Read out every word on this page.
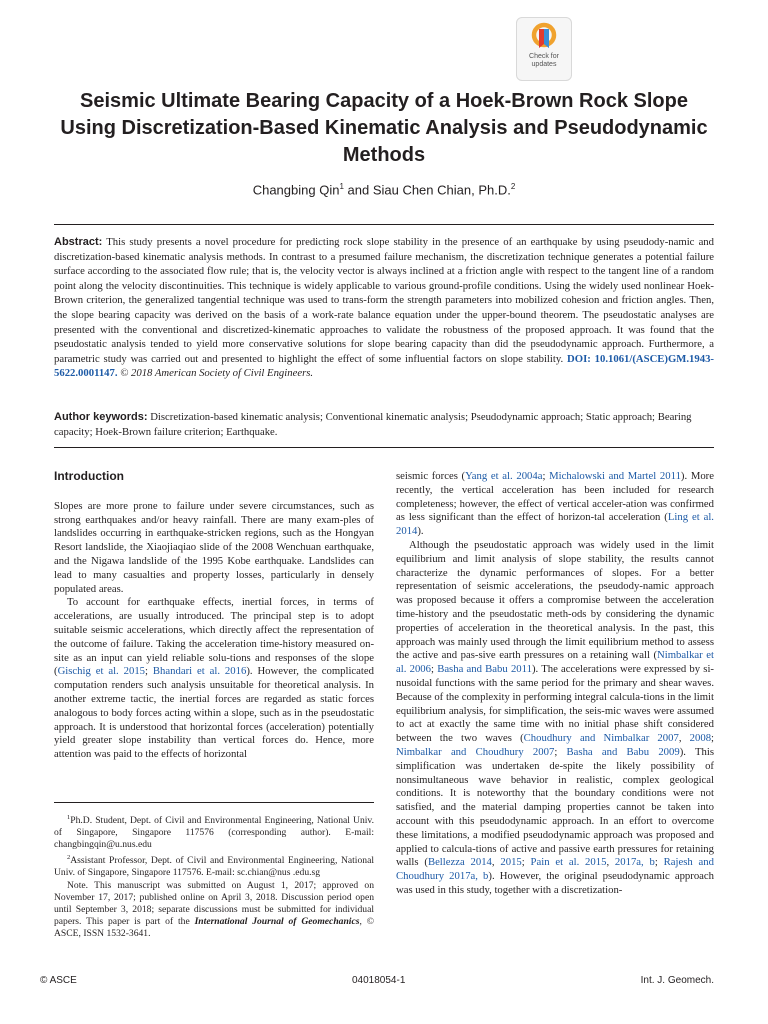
Check for
updates
Seismic Ultimate Bearing Capacity of a Hoek-Brown Rock Slope Using Discretization-Based Kinematic Analysis and Pseudodynamic Methods
Changbing Qin$^1$ and Siau Chen Chian, Ph.D.$^2$
Abstract: This study presents a novel procedure for predicting rock slope stability in the presence of an earthquake by using pseudody-namic and discretization-based kinematic analysis methods. In contrast to a presumed failure mechanism, the discretization technique generates a potential failure surface according to the associated flow rule; that is, the velocity vector is always inclined at a friction angle with respect to the tangent line of a random point along the velocity discontinuities. This technique is widely applicable to various ground-profile conditions. Using the widely used nonlinear Hoek-Brown criterion, the generalized tangential technique was used to trans-form the strength parameters into mobilized cohesion and friction angles. Then, the slope bearing capacity was derived on the basis of a work-rate balance equation under the upper-bound theorem. The pseudostatic analyses are presented with the conventional and discretized-kinematic approaches to validate the robustness of the proposed approach. It was found that the pseudostatic analysis tended to yield more conservative solutions for slope bearing capacity than did the pseudodynamic approach. Furthermore, a parametric study was carried out and presented to highlight the effect of some influential factors on slope stability. DOI: 10.1061/(ASCE)GM.1943-5622.0001147. © 2018 American Society of Civil Engineers.
Author keywords: Discretization-based kinematic analysis; Conventional kinematic analysis; Pseudodynamic approach; Static approach; Bearing capacity; Hoek-Brown failure criterion; Earthquake.
Introduction

Slopes are more prone to failure under severe circumstances, such as strong earthquakes and/or heavy rainfall. There are many exam-ples of landslides occurring in earthquake-stricken regions, such as the Hongyan Resort landslide, the Xiaojiaqiao slide of the 2008 Wenchuan earthquake, and the Nigawa landslide of the 1995 Kobe earthquake. Landslides can lead to many casualties and property losses, particularly in densely populated areas.

To account for earthquake effects, inertial forces, in terms of accelerations, are usually introduced. The principal step is to adopt suitable seismic accelerations, which directly affect the representation of the outcome of failure. Taking the acceleration time-history measured on-site as an input can yield reliable solu-tions and responses of the slope (Gischig et al. 2015; Bhandari et al. 2016). However, the complicated computation renders such analysis unsuitable for theoretical analysis. In another extreme tactic, the inertial forces are regarded as static forces analogous to body forces acting within a slope, such as in the pseudostatic approach. It is understood that horizontal forces (acceleration) potentially yield greater slope instability than vertical forces do. Hence, more attention was paid to the effects of horizontal

$^1$Ph.D. Student, Dept. of Civil and Environmental Engineering, National Univ. of Singapore, Singapore 117576 (corresponding author). E-mail: changbingqin@u.nus.edu

$^2$Assistant Professor, Dept. of Civil and Environmental Engineering, National Univ. of Singapore, Singapore 117576. E-mail: sc.chian@nus .edu.sg

Note. This manuscript was submitted on August 1, 2017; approved on November 17, 2017; published online on April 3, 2018. Discussion period open until September 3, 2018; separate discussions must be submitted for individual papers. This paper is part of the International Journal of Geomechanics, © ASCE, ISSN 1532-3641.

seismic forces (Yang et al. 2004a; Michalowski and Martel 2011). More recently, the vertical acceleration has been included for research completeness; however, the effect of vertical acceler-ation was confirmed as less significant than the effect of horizon-tal acceleration (Ling et al. 2014).

Although the pseudostatic approach was widely used in the limit equilibrium and limit analysis of slope stability, the results cannot characterize the dynamic performances of slopes. For a better representation of seismic accelerations, the pseudody-namic approach was proposed because it offers a compromise between the acceleration time-history and the pseudostatic meth-ods by considering the dynamic properties of acceleration in the theoretical analysis. In the past, this approach was mainly used through the limit equilibrium method to assess the active and pas-sive earth pressures on a retaining wall (Nimbalkar et al. 2006; Basha and Babu 2011). The accelerations were expressed by si-nusoidal functions with the same period for the primary and shear waves. Because of the complexity in performing integral calcula-tions in the limit equilibrium analysis, for simplification, the seis-mic waves were assumed to act at exactly the same time with no initial phase shift considered between the two waves (Choudhury and Nimbalkar 2007, 2008; Nimbalkar and Choudhury 2007; Basha and Babu 2009). This simplification was undertaken de-spite the likely possibility of nonsimultaneous wave behavior in realistic, complex geological conditions. It is noteworthy that the boundary conditions were not satisfied, and the material damping properties cannot be taken into account with this pseudodynamic approach. In an effort to overcome these limitations, a modified pseudodynamic approach was proposed and applied to calcula-tions of active and passive earth pressures for retaining walls (Bellezza 2014, 2015; Pain et al. 2015, 2017a, b; Rajesh and Choudhury 2017a, b). However, the original pseudodynamic approach was used in this study, together with a discretization-

© ASCE	04018054-1	Int. J. Geomech.
